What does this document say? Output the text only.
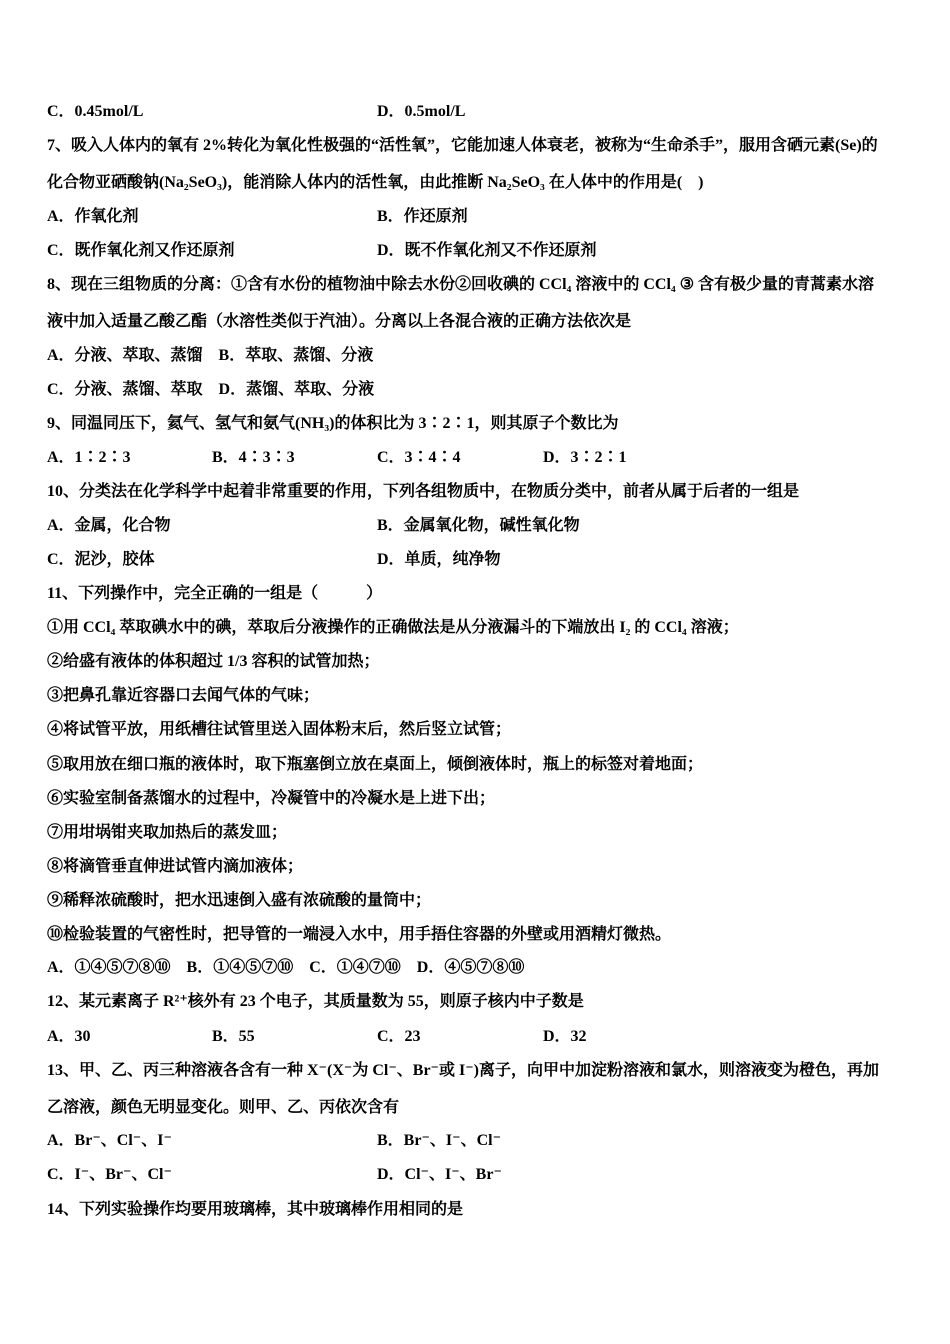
C．0.45mol/L	D．0.5mol/L
7、吸入人体内的氧有 2%转化为氧化性极强的“活性氧”，它能加速人体衰老，被称为“生命杀手”，服用含硒元素(Se)的
化合物亚硒酸钠(Na₂SeO₃)，能消除人体内的活性氧，由此推断 Na₂SeO₃ 在人体中的作用是(　)
A．作氧化剂	B．作还原剂
C．既作氧化剂又作还原剂	D．既不作氧化剂又不作还原剂
8、现在三组物质的分离：①含有水份的植物油中除去水份②回收碘的 CCl₄ 溶液中的 CCl₄ ③ 含有极少量的青蒿素水溶
液中加入适量乙酸乙酯（水溶性类似于汽油）。分离以上各混合液的正确方法依次是
A．分液、萃取、蒸馏　B．萃取、蒸馏、分液
C．分液、蒸馏、萃取　D．蒸馏、萃取、分液
9、同温同压下，氦气、氢气和氨气(NH₃)的体积比为 3∶2∶1，则其原子个数比为
A．1∶2∶3	B．4∶3∶3	C．3∶4∶4	D．3∶2∶1
10、分类法在化学科学中起着非常重要的作用，下列各组物质中，在物质分类中，前者从属于后者的一组是
A．金属，化合物	B．金属氧化物，碱性氧化物
C．泥沙，胶体	D．单质，纯净物
11、下列操作中，完全正确的一组是（　　　）
①用 CCl₄ 萃取碘水中的碘，萃取后分液操作的正确做法是从分液漏斗的下端放出 I₂ 的 CCl₄ 溶液；
②给盛有液体的体积超过 1/3 容积的试管加热；
③把鼻孔靠近容器口去闻气体的气味；
④将试管平放，用纸槽往试管里送入固体粉末后，然后竖立试管；
⑤取用放在细口瓶的液体时，取下瓶塞倒立放在桌面上，倾倒液体时，瓶上的标签对着地面；
⑥实验室制备蒸馏水的过程中，冷凝管中的冷凝水是上进下出；
⑦用坩埚钳夹取加热后的蒸发皿；
⑧将滴管垂直伸进试管内滴加液体；
⑨稀释浓硫酸时，把水迅速倒入盛有浓硫酸的量筒中；
⑩检验装置的气密性时，把导管的一端浸入水中，用手捂住容器的外壁或用酒精灯微热。
A．①④⑤⑦⑧⑩　B．①④⑤⑦⑩　C．①④⑦⑩　D．④⑤⑦⑧⑩
12、某元素离子 R²⁺核外有 23 个电子，其质量数为 55，则原子核内中子数是
A．30	B．55	C．23	D．32
13、甲、乙、丙三种溶液各含有一种 X⁻(X⁻为 Cl⁻、Br⁻或 I⁻)离子，向甲中加淀粉溶液和氯水，则溶液变为橙色，再加
乙溶液，颜色无明显变化。则甲、乙、丙依次含有
A．Br⁻、Cl⁻、I⁻	B．Br⁻、I⁻、Cl⁻
C．I⁻、Br⁻、Cl⁻	D．Cl⁻、I⁻、Br⁻
14、下列实验操作均要用玻璃棒，其中玻璃棒作用相同的是
